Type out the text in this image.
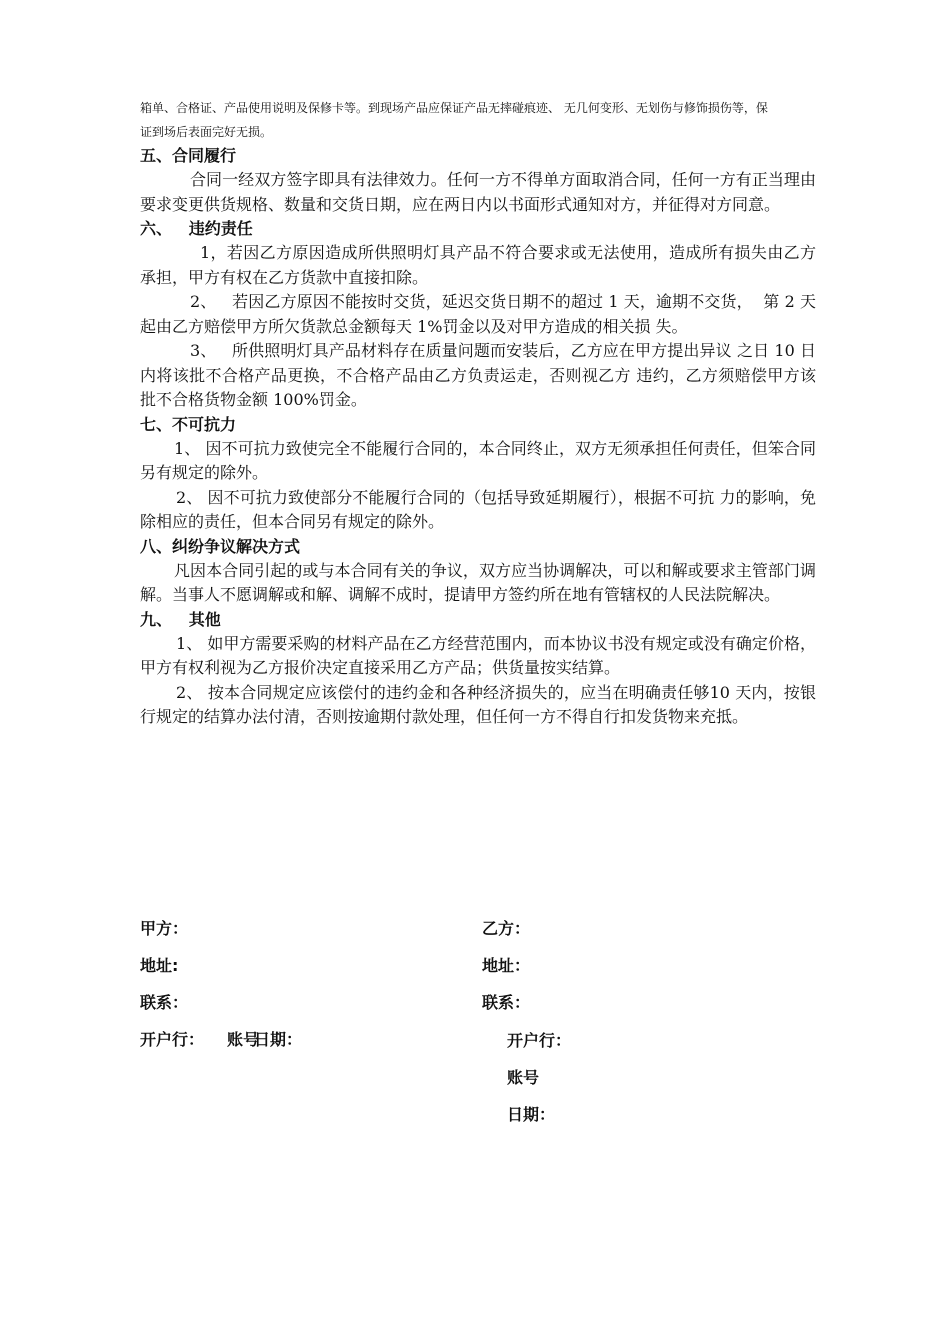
箱单、合格证、产品使用说明及保修卡等。到现场产品应保证产品无摔碰痕迹、 无几何变形、无划伤与修饰损伤等，保

证到场后表面完好无损。

五、合同履行

合同一经双方签字即具有法律效力。任何一方不得单方面取消合同，任何一方有正当理由要求变更供货规格、数量和交货日期，应在两日内以书面形式通知对方，并征得对方同意。

六、   违约责任

1，若因乙方原因造成所供照明灯具产品不符合要求或无法使用，造成所有损失由乙方承担，甲方有权在乙方货款中直接扣除。

2、   若因乙方原因不能按时交货，延迟交货日期不的超过 1 天，逾期不交货，  第 2 天起由乙方赔偿甲方所欠货款总金额每天 1%罚金以及对甲方造成的相关损 失。

3、   所供照明灯具产品材料存在质量问题而安装后，乙方应在甲方提出异议 之日 10 日内将该批不合格产品更换，不合格产品由乙方负责运走，否则视乙方 违约，乙方须赔偿甲方该批不合格货物金额 100%罚金。

七、不可抗力

1、 因不可抗力致使完全不能履行合同的，本合同终止，双方无须承担任何责任，但笨合同另有规定的除外。

2、 因不可抗力致使部分不能履行合同的（包括导致延期履行），根据不可抗 力的影响，免除相应的责任，但本合同另有规定的除外。

八、纠纷争议解决方式

凡因本合同引起的或与本合同有关的争议，双方应当协调解决，可以和解或要求主管部门调解。当事人不愿调解或和解、调解不成时，提请甲方签约所在地有管辖权的人民法院解决。

九、   其他

1、 如甲方需要采购的材料产品在乙方经营范围内，而本协议书没有规定或没有确定价格，甲方有权利视为乙方报价决定直接采用乙方产品；供货量按实结算。

2、 按本合同规定应该偿付的违约金和各种经济损失的，应当在明确责任够10 天内，按银行规定的结算办法付清，否则按逾期付款处理，但任何一方不得自行扣发货物来充抵。

甲方：
地址:
联系：
开户行： 账号
日期：
乙方：
地址：
联系：
开户行：
账号
日期：
